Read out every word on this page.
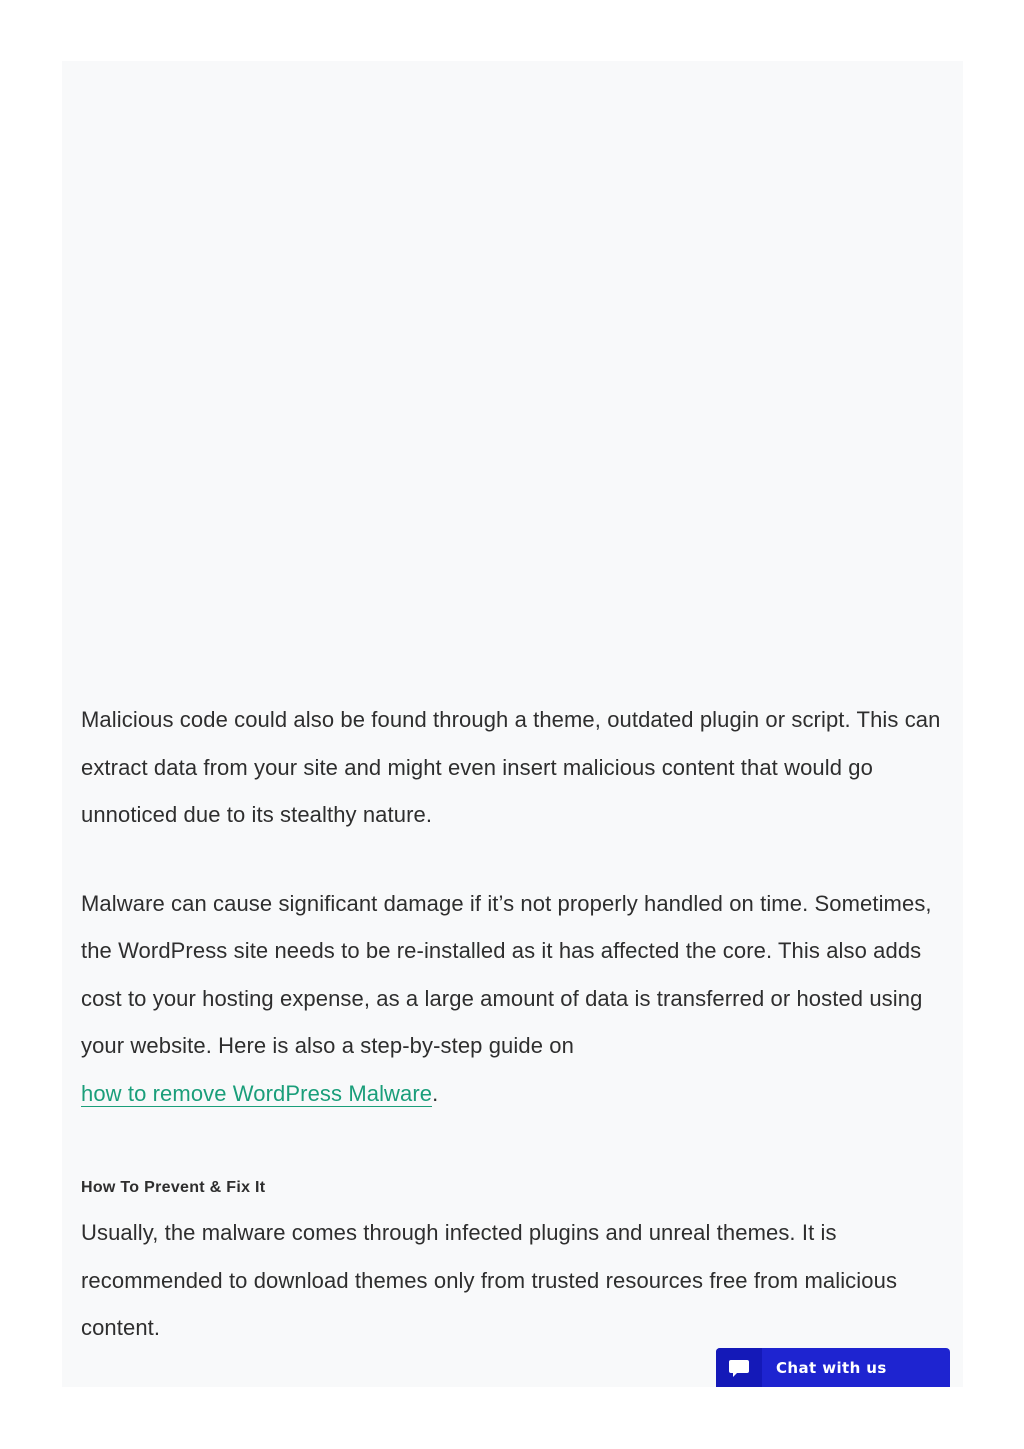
Malicious code could also be found through a theme, outdated plugin or script. This can extract data from your site and might even insert malicious content that would go unnoticed due to its stealthy nature.

Malware can cause significant damage if it’s not properly handled on time. Sometimes, the WordPress site needs to be re-installed as it has affected the core. This also adds cost to your hosting expense, as a large amount of data is transferred or hosted using your website. Here is also a step-by-step guide on
how to remove WordPress Malware.

How To Prevent & Fix It

Usually, the malware comes through infected plugins and unreal themes. It is recommended to download themes only from trusted resources free from malicious content.

Chat with us
